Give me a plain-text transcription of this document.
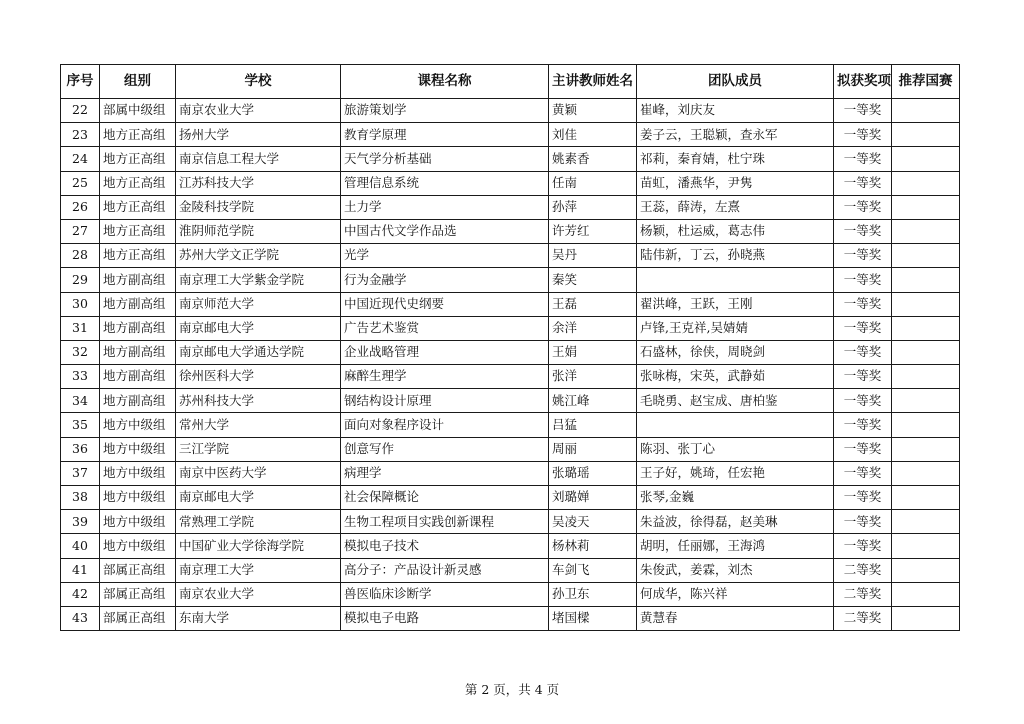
序号	组别	学校	课程名称	主讲教师姓名	团队成员	拟获奖项	推荐国赛
22	部属中级组	南京农业大学	旅游策划学	黄颖	崔峰，刘庆友	一等奖	
23	地方正高组	扬州大学	教育学原理	刘佳	姜子云，王聪颖，查永军	一等奖	
24	地方正高组	南京信息工程大学	天气学分析基础	姚素香	祁莉，秦育婧，杜宁珠	一等奖	
25	地方正高组	江苏科技大学	管理信息系统	任南	苗虹，潘燕华，尹隽	一等奖	
26	地方正高组	金陵科技学院	土力学	孙萍	王蕊，薛涛，左熹	一等奖	
27	地方正高组	淮阴师范学院	中国古代文学作品选	许芳红	杨颖，杜运威，葛志伟	一等奖	
28	地方正高组	苏州大学文正学院	光学	吴丹	陆伟新，丁云，孙晓燕	一等奖	
29	地方副高组	南京理工大学紫金学院	行为金融学	秦笑		一等奖	
30	地方副高组	南京师范大学	中国近现代史纲要	王磊	翟洪峰，王跃，王刚	一等奖	
31	地方副高组	南京邮电大学	广告艺术鉴赏	余洋	卢锋,王克祥,吴婧婧	一等奖	
32	地方副高组	南京邮电大学通达学院	企业战略管理	王娟	石盛林，徐侠，周晓剑	一等奖	
33	地方副高组	徐州医科大学	麻醉生理学	张洋	张咏梅，宋英，武静茹	一等奖	
34	地方副高组	苏州科技大学	钢结构设计原理	姚江峰	毛晓勇、赵宝成、唐柏鉴	一等奖	
35	地方中级组	常州大学	面向对象程序设计	吕猛		一等奖	
36	地方中级组	三江学院	创意写作	周丽	陈羽、张丁心	一等奖	
37	地方中级组	南京中医药大学	病理学	张璐瑶	王子好，姚琦，任宏艳	一等奖	
38	地方中级组	南京邮电大学	社会保障概论	刘璐婵	张琴,金巍	一等奖	
39	地方中级组	常熟理工学院	生物工程项目实践创新课程	吴凌天	朱益波，徐得磊，赵美琳	一等奖	
40	地方中级组	中国矿业大学徐海学院	模拟电子技术	杨林莉	胡明，任丽娜，王海鸿	一等奖	
41	部属正高组	南京理工大学	高分子：产品设计新灵感	车剑飞	朱俊武，姜霖，刘杰	二等奖	
42	部属正高组	南京农业大学	兽医临床诊断学	孙卫东	何成华，陈兴祥	二等奖	
43	部属正高组	东南大学	模拟电子电路	堵国樑	黄慧春	二等奖	
第 2 页，共 4 页
